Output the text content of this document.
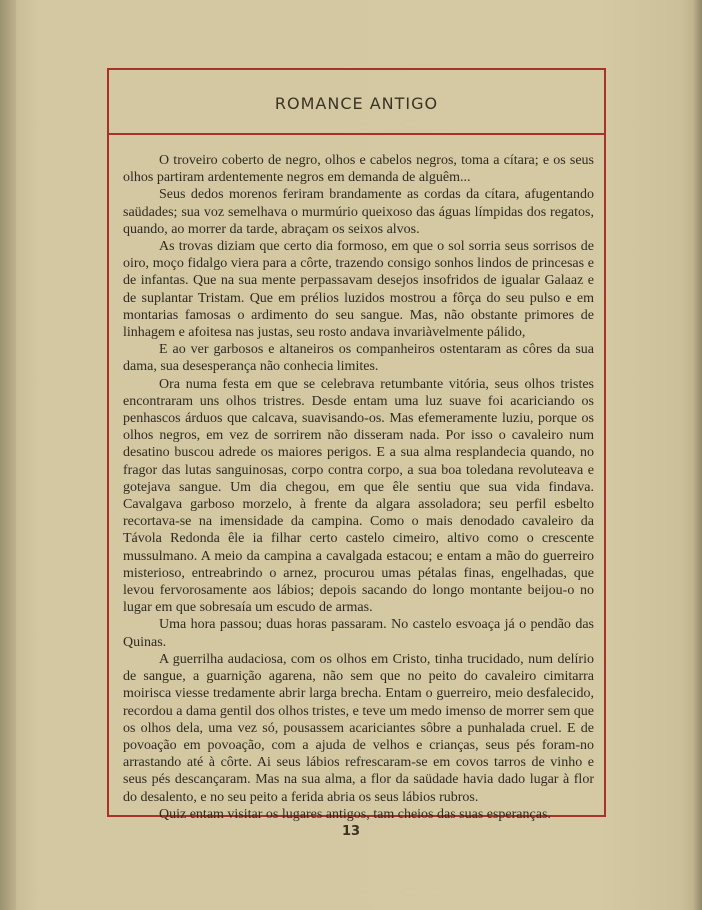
ROMANCE ANTIGO

O troveiro coberto de negro, olhos e cabelos negros, toma a cítara; e os seus olhos partiram ardentemente negros em demanda de alguêm...

Seus dedos morenos feriram brandamente as cordas da cítara, afugentando saüdades; sua voz semelhava o murmúrio queixoso das águas límpidas dos regatos, quando, ao morrer da tarde, abraçam os seixos alvos.

As trovas diziam que certo dia formoso, em que o sol sorria seus sorrisos de oiro, moço fidalgo viera para a côrte, trazendo consigo sonhos lindos de princesas e de infantas. Que na sua mente perpassavam desejos insofridos de igualar Galaaz e de suplantar Tristam. Que em prélios luzidos mostrou a fôrça do seu pulso e em montarias famosas o ardimento do seu sangue. Mas, não obstante primores de linhagem e afoitesa nas justas, seu rosto andava invariàvelmente pálido,

E ao ver garbosos e altaneiros os companheiros ostentaram as côres da sua dama, sua desesperança não conhecia limites.

Ora numa festa em que se celebrava retumbante vitória, seus olhos tristes encontraram uns olhos tristres. Desde entam uma luz suave foi acariciando os penhascos árduos que calcava, suavisando-os. Mas efemeramente luziu, porque os olhos negros, em vez de sorrirem não disseram nada. Por isso o cavaleiro num desatino buscou adrede os maiores perigos. E a sua alma resplandecia quando, no fragor das lutas sanguinosas, corpo contra corpo, a sua boa toledana revoluteava e gotejava sangue. Um dia chegou, em que êle sentiu que sua vida findava. Cavalgava garboso morzelo, à frente da algara assoladora; seu perfil esbelto recortava-se na imensidade da campina. Como o mais denodado cavaleiro da Távola Redonda êle ia filhar certo castelo cimeiro, altivo como o crescente mussulmano. A meio da campina a cavalgada estacou; e entam a mão do guerreiro misterioso, entreabrindo o arnez, procurou umas pétalas finas, engelhadas, que levou fervorosamente aos lábios; depois sacando do longo montante beijou-o no lugar em que sobresaía um escudo de armas.

Uma hora passou; duas horas passaram. No castelo esvoaça já o pendão das Quinas.

A guerrilha audaciosa, com os olhos em Cristo, tinha trucidado, num delírio de sangue, a guarnição agarena, não sem que no peito do cavaleiro cimitarra moirisca viesse tredamente abrir larga brecha. Entam o guerreiro, meio desfalecido, recordou a dama gentil dos olhos tristes, e teve um medo imenso de morrer sem que os olhos dela, uma vez só, pousassem acariciantes sôbre a punhalada cruel. E de povoação em povoação, com a ajuda de velhos e crianças, seus pés foram-no arrastando até à côrte. Ai seus lábios refrescaram-se em covos tarros de vinho e seus pés descançaram. Mas na sua alma, a flor da saüdade havia dado lugar à flor do desalento, e no seu peito a ferida abria os seus lábios rubros.

Quiz entam visitar os lugares antigos, tam cheios das suas esperanças.

13
